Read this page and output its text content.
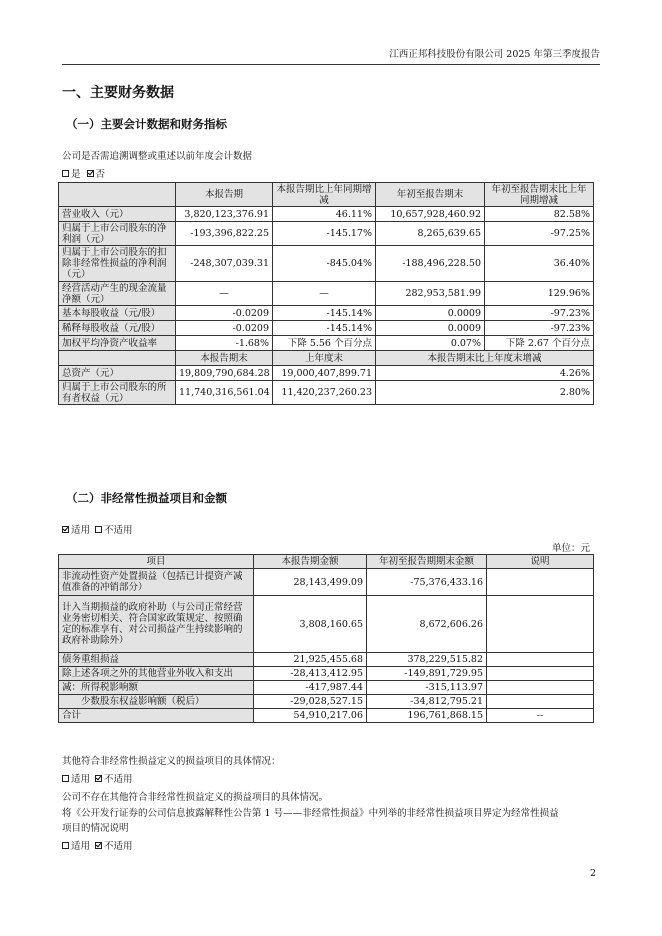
江西正邦科技股份有限公司 2025 年第三季度报告
一、主要财务数据
（一）主要会计数据和财务指标
公司是否需追溯调整或重述以前年度会计数据
是 否
	本报告期	本报告期比上年同期增减	年初至报告期末	年初至报告期末比上年同期增减
营业收入（元）	3,820,123,376.91	46.11%	10,657,928,460.92	82.58%
归属于上市公司股东的净利润（元）	-193,396,822.25	-145.17%	8,265,639.65	-97.25%
归属于上市公司股东的扣除非经常性损益的净利润（元）	-248,307,039.31	-845.04%	-188,496,228.50	36.40%
经营活动产生的现金流量净额（元）	—	—	282,953,581.99	129.96%
基本每股收益（元/股）	-0.0209	-145.14%	0.0009	-97.23%
稀释每股收益（元/股）	-0.0209	-145.14%	0.0009	-97.23%
加权平均净资产收益率	-1.68%	下降 5.56 个百分点	0.07%	下降 2.67 个百分点
	本报告期末	上年度末	本报告期末比上年度末增减	
总资产（元）	19,809,790,684.28	19,000,407,899.71	4.26%	
归属于上市公司股东的所有者权益（元）	11,740,316,561.04	11,420,237,260.23	2.80%	
（二）非经常性损益项目和金额
适用 不适用
单位：元
项目	本报告期金额	年初至报告期期末金额	说明
非流动性资产处置损益（包括已计提资产减值准备的冲销部分）	28,143,499.09	-75,376,433.16	
计入当期损益的政府补助（与公司正常经营业务密切相关、符合国家政策规定、按照确定的标准享有、对公司损益产生持续影响的政府补助除外）	3,808,160.65	8,672,606.26	
债务重组损益	21,925,455.68	378,229,515.82	
除上述各项之外的其他营业外收入和支出	-28,413,412.95	-149,891,729.95	
减：所得税影响额	-417,987.44	-315,113.97	
少数股东权益影响额（税后）	-29,028,527.15	-34,812,795.21	
合计	54,910,217.06	196,761,868.15	--
其他符合非经常性损益定义的损益项目的具体情况：
适用 不适用
公司不存在其他符合非经常性损益定义的损益项目的具体情况。
将《公开发行证券的公司信息披露解释性公告第 1 号——非经常性损益》中列举的非经常性损益项目界定为经常性损益
项目的情况说明
适用 不适用
2
